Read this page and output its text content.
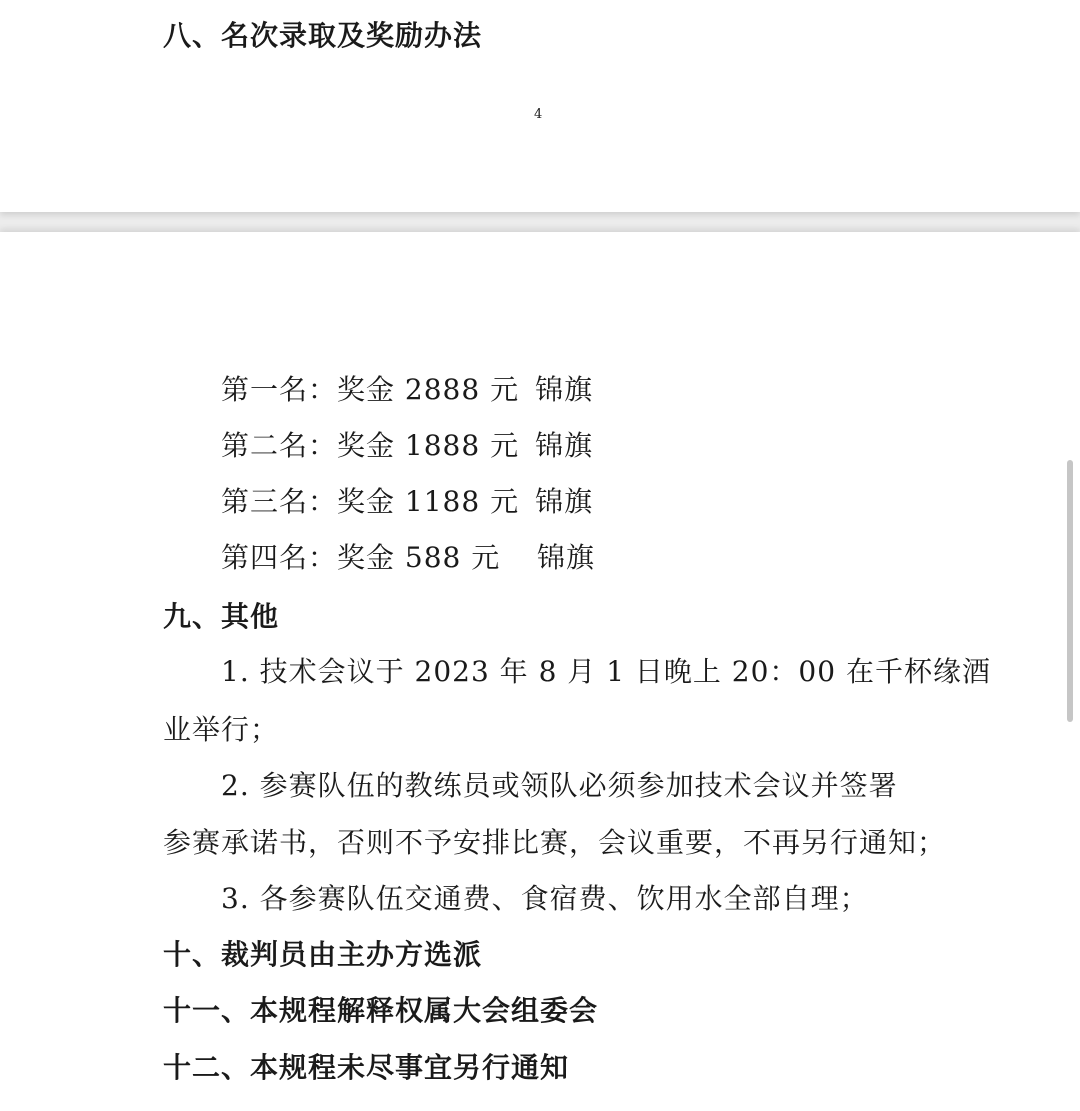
八、名次录取及奖励办法
4
第一名： 奖金 2888 元 锦旗
第二名： 奖金 1888 元 锦旗
第三名： 奖金 1188 元 锦旗
第四名： 奖金 588 元	锦旗
九、其他
1. 技术会议于 2023 年 8 月 1 日晚上 20：00 在千杯缘酒
业举行；
2. 参赛队伍的教练员或领队必须参加技术会议并签署
参赛承诺书，否则不予安排比赛，会议重要，不再另行通知；
3. 各参赛队伍交通费、食宿费、饮用水全部自理；
十、裁判员由主办方选派
十一、本规程解释权属大会组委会
十二、本规程未尽事宜另行通知
